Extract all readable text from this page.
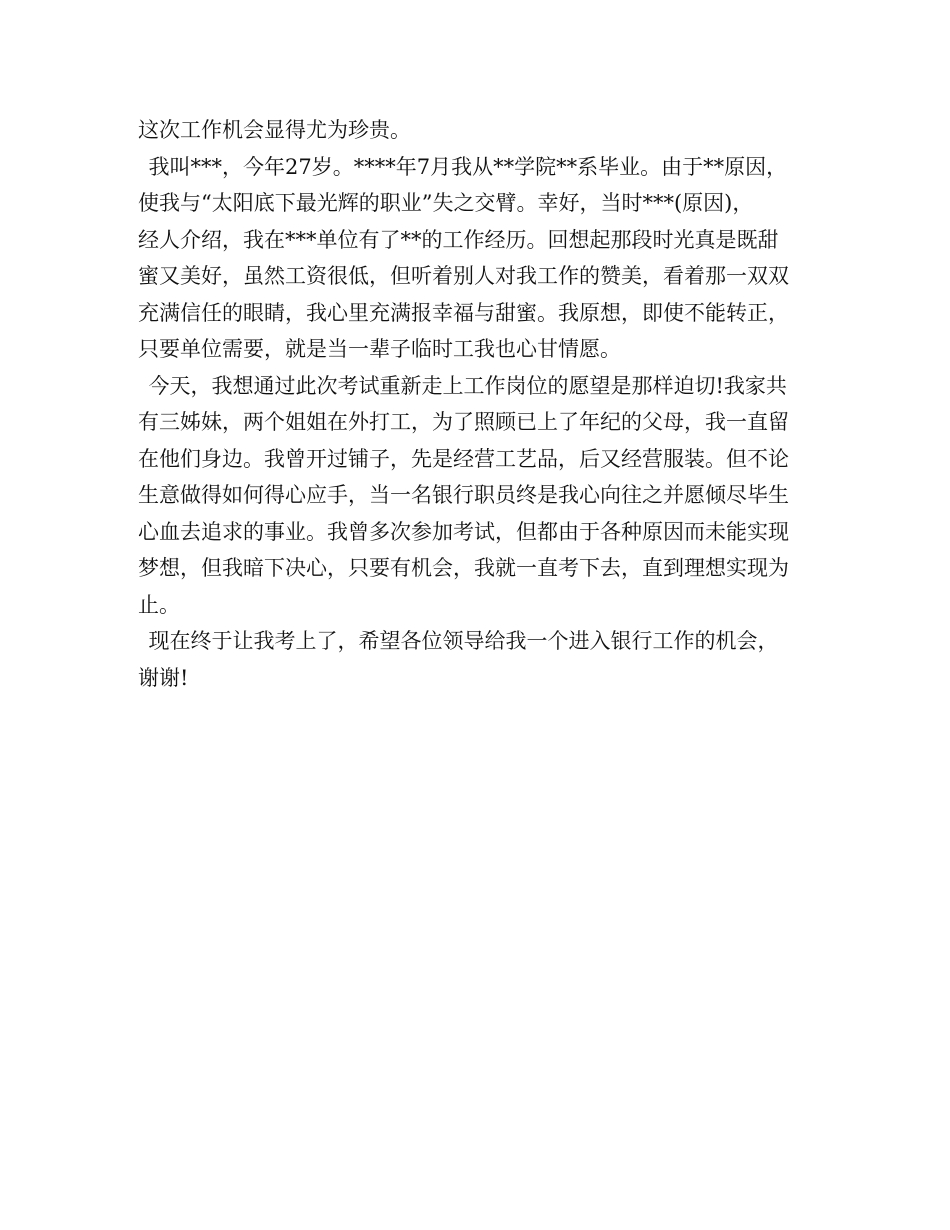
这次工作机会显得尤为珍贵。
我叫***，今年27岁。****年7月我从**学院**系毕业。由于**原因，
使我与“太阳底下最光辉的职业”失之交臂。幸好，当时***(原因)，
经人介绍，我在***单位有了**的工作经历。回想起那段时光真是既甜
蜜又美好，虽然工资很低，但听着别人对我工作的赞美，看着那一双双
充满信任的眼睛，我心里充满报幸福与甜蜜。我原想，即使不能转正，
只要单位需要，就是当一辈子临时工我也心甘情愿。
今天，我想通过此次考试重新走上工作岗位的愿望是那样迫切!我家共
有三姊妹，两个姐姐在外打工，为了照顾已上了年纪的父母，我一直留
在他们身边。我曾开过铺子，先是经营工艺品，后又经营服装。但不论
生意做得如何得心应手，当一名银行职员终是我心向往之并愿倾尽毕生
心血去追求的事业。我曾多次参加考试，但都由于各种原因而未能实现
梦想，但我暗下决心，只要有机会，我就一直考下去，直到理想实现为
止。
现在终于让我考上了，希望各位领导给我一个进入银行工作的机会，
谢谢!
